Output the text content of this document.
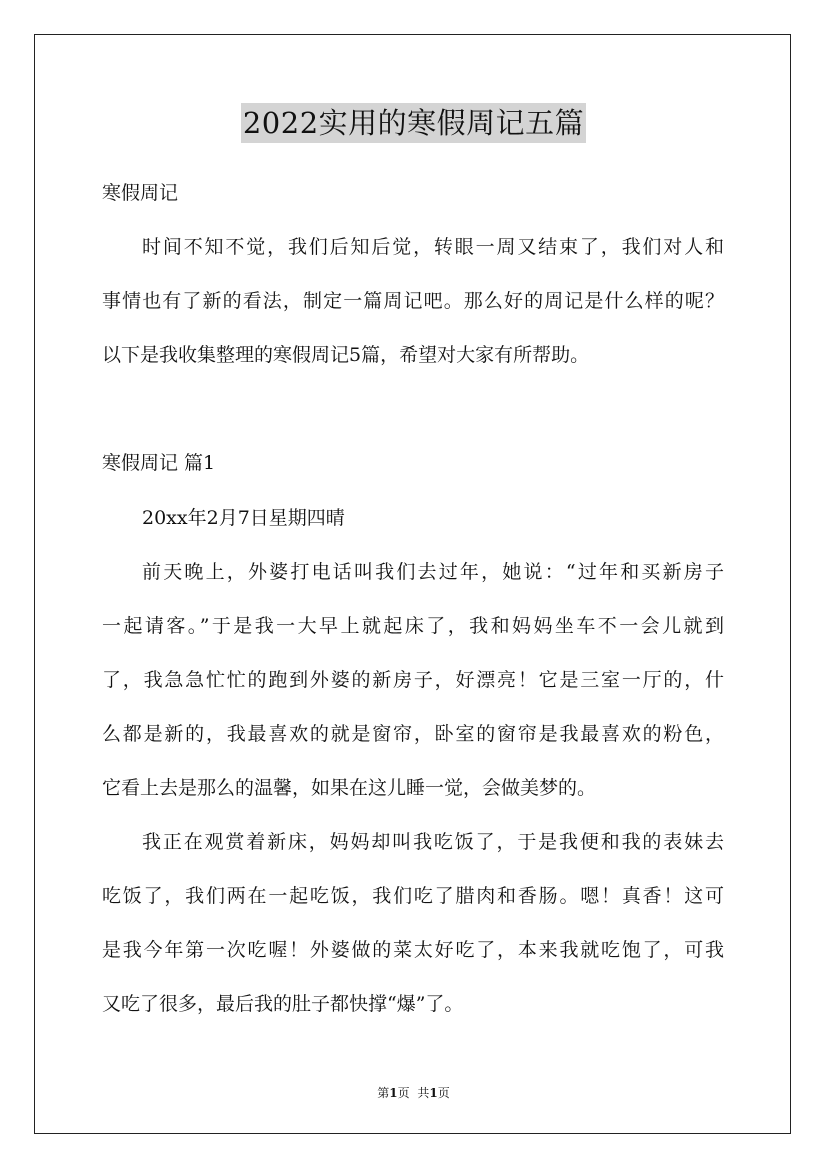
2022实用的寒假周记五篇
寒假周记
时间不知不觉，我们后知后觉，转眼一周又结束了，我们对人和
事情也有了新的看法，制定一篇周记吧。那么好的周记是什么样的呢？
以下是我收集整理的寒假周记5篇，希望对大家有所帮助。
寒假周记 篇1
20xx年2月7日星期四晴
前天晚上，外婆打电话叫我们去过年，她说：“过年和买新房子
一起请客。”于是我一大早上就起床了，我和妈妈坐车不一会儿就到
了，我急急忙忙的跑到外婆的新房子，好漂亮！它是三室一厅的，什
么都是新的，我最喜欢的就是窗帘，卧室的窗帘是我最喜欢的粉色，
它看上去是那么的温馨，如果在这儿睡一觉，会做美梦的。
我正在观赏着新床，妈妈却叫我吃饭了，于是我便和我的表妹去
吃饭了，我们两在一起吃饭，我们吃了腊肉和香肠。嗯！真香！这可
是我今年第一次吃喔！外婆做的菜太好吃了，本来我就吃饱了，可我
又吃了很多，最后我的肚子都快撑“爆”了。
第1页 共1页
